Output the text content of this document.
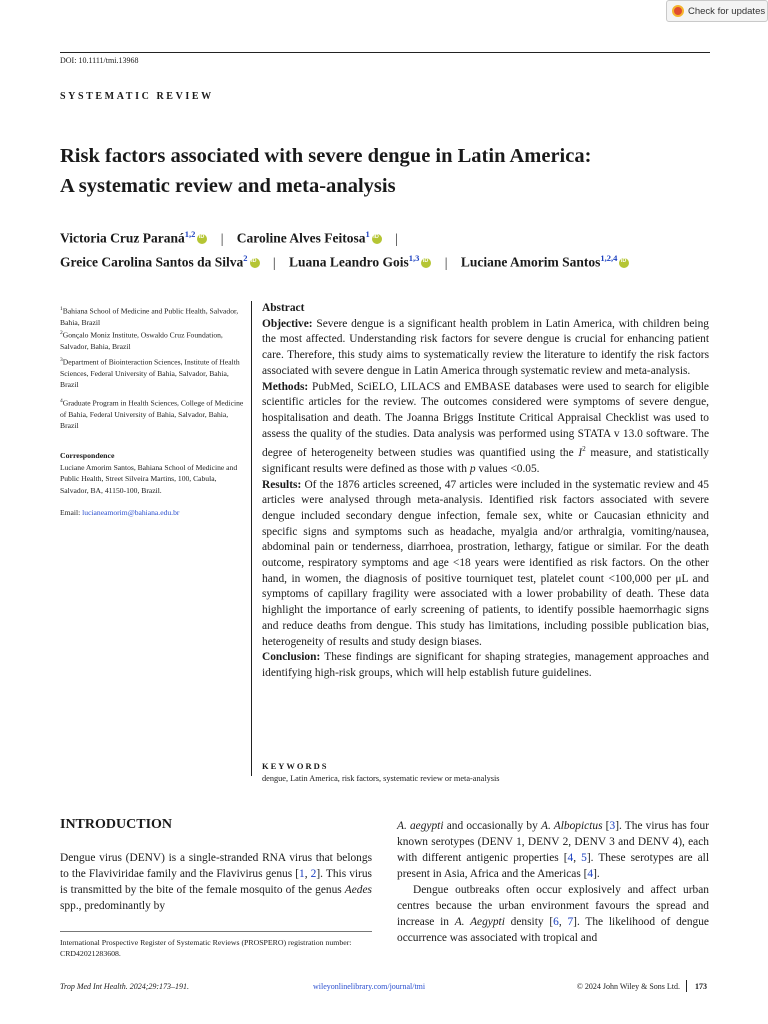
Check for updates
DOI: 10.1111/tmi.13968
SYSTEMATIC REVIEW
Risk factors associated with severe dengue in Latin America:
A systematic review and meta-analysis
Victoria Cruz Paraná$^{1,2}$ iD | Caroline Alves Feitosa$^1$ iD |
Greice Carolina Santos da Silva$^2$ iD | Luana Leandro Gois$^{1,3}$ iD | Luciane Amorim Santos$^{1,2,4}$iD
$^1$Bahiana School of Medicine and Public Health, Salvador, Bahia, Brazil
$^2$Gonçalo Moniz Institute, Oswaldo Cruz Foundation, Salvador, Bahia, Brazil
$^3$Department of Biointeraction Sciences, Institute of Health Sciences, Federal University of Bahia, Salvador, Bahia, Brazil
$^4$Graduate Program in Health Sciences, College of Medicine of Bahia, Federal University of Bahia, Salvador, Bahia, Brazil
Correspondence
Luciane Amorim Santos, Bahiana School of Medicine and Public Health, Street Silveira Martins, 100, Cabula, Salvador, BA, 41150-100, Brazil.
Email: lucianeamorim@bahiana.edu.br

Abstract

Objective: Severe dengue is a significant health problem in Latin America, with children being the most affected. Understanding risk factors for severe dengue is crucial for enhancing patient care. Therefore, this study aims to systematically review the literature to identify the risk factors associated with severe dengue in Latin America through systematic review and meta-analysis.

Methods: PubMed, SciELO, LILACS and EMBASE databases were used to search for eligible scientific articles for the review. The outcomes considered were symptoms of severe dengue, hospitalisation and death. The Joanna Briggs Institute Critical Appraisal Checklist was used to assess the quality of the studies. Data analysis was performed using STATA v 13.0 software. The degree of heterogeneity between studies was quantified using the $I^2$ measure, and statistically significant results were defined as those with p values <0.05.

Results: Of the 1876 articles screened, 47 articles were included in the systematic review and 45 articles were analysed through meta-analysis. Identified risk factors associated with severe dengue included secondary dengue infection, female sex, white or Caucasian ethnicity and specific signs and symptoms such as headache, myalgia and/or arthralgia, vomiting/nausea, abdominal pain or tenderness, diarrhoea, prostration, lethargy, fatigue or similar. For the death outcome, respiratory symptoms and age <18 years were identified as risk factors. On the other hand, in women, the diagnosis of positive tourniquet test, platelet count <100,000 per μL and symptoms of capillary fragility were associated with a lower probability of death. These data highlight the importance of early screening of patients, to identify possible haemorrhagic signs and reduce deaths from dengue. This study has limitations, including possible publication bias, heterogeneity of results and study design biases.

Conclusion: These findings are significant for shaping strategies, management approaches and identifying high-risk groups, which will help establish future guidelines.

KEYWORDS
dengue, Latin America, risk factors, systematic review or meta-analysis
INTRODUCTION
Dengue virus (DENV) is a single-stranded RNA virus that belongs to the Flaviviridae family and the Flavivirus genus [1, 2]. This virus is transmitted by the bite of the female mosquito of the genus Aedes spp., predominantly by

A. aegypti and occasionally by A. Albopictus [3]. The virus has four known serotypes (DENV 1, DENV 2, DENV 3 and DENV 4), each with different antigenic properties [4, 5]. These serotypes are all present in Asia, Africa and the Americas [4].

Dengue outbreaks often occur explosively and affect urban centres because the urban environment favours the spread and increase in A. Aegypti density [6, 7]. The likelihood of dengue occurrence was associated with tropical and

International Prospective Register of Systematic Reviews (PROSPERO) registration number: CRD42021283608.
Trop Med Int Health. 2024;29:173–191.	wileyonlinelibrary.com/journal/tmi	© 2024 John Wiley & Sons Ltd. 173
